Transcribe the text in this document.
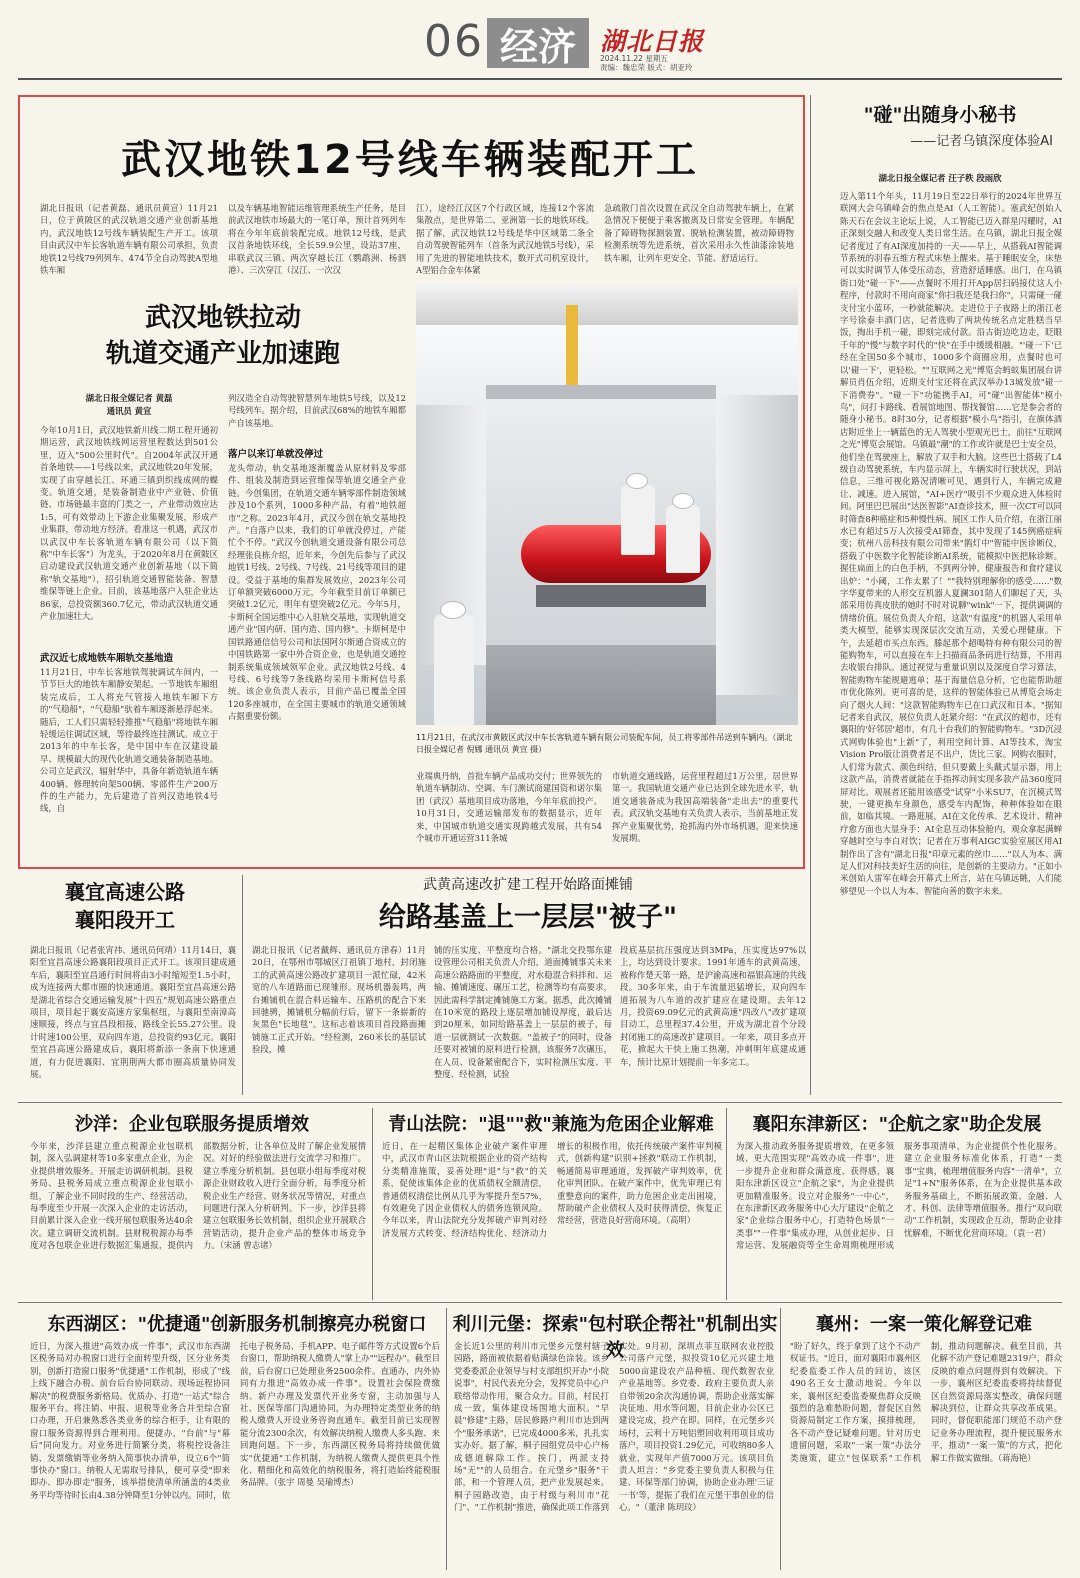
06 经济 湖北日报
2024.11.22 星期五
责编：魏忠荣 版式：胡亚玲
武汉地铁12号线车辆装配开工
湖北日报讯（记者黄磊、通讯员黄宣）11月21日，位于黄陂区的武汉轨道交通产业创新基地内，武汉地铁12号线车辆装配生产开工。该项目由武汉中车长客轨道车辆有限公司承担，负责地铁12号线79列列车、474节全自动驾驶A型地铁车厢
以及车辆基地智能运维管理系统生产任务，是目前武汉地铁市场最大的一笔订单，预计首列列车将在今年年底前装配完成。地铁12号线，是武汉首条地铁环线，全长59.9公里，设站37座，串联武汉三镇、两次穿越长江（鹦鹉洲、杨泗港）、三次穿江（汉江、一次汉
江），途经江汉区7个行政区域，连接12个客流集散点，是世界第二、亚洲第一长的地铁环线。据了解，武汉地铁12号线是华中区域第二条全自动驾驶智能列车（首条为武汉地铁5号线），采用了先进的智能地铁技术，数开式司机室设计，A型铝合金车体紧
急疏散门首次设置在武汉全自动驾驶车辆上，在紧急情况下便便于乘客撤离及日常安全管理。车辆配备了障碍物探测装置、脱轨检测装置，被动障碍物检测系统等先进系统，首次采用永久性油漆涂装地铁车厢，让列车更安全、节能、舒适运行。
武汉地铁拉动
轨道交通产业加速跑
湖北日报全媒记者 黄磊
通讯员 黄宣
今年10月1日，武汉地铁新川线二期工程开通初期运营，武汉地铁线网运营里程数达到501公里，迈入"500公里时代"。自2004年武汉开通首条地铁——1号线以来，武汉地铁20年发展，实现了由穿越长江、环通三镇到织线成网的蝶变。轨道交通，是装备制造业中产业链、价值链、市场链最丰富的门类之一，产业带动效应达1:5，可有效带动上下游企业集聚发展，形成产业集群，带动地方经济。看准这一机遇，武汉市以武汉中车长客轨道车辆有限公司（以下简称"中车长客"）为龙头，于2020年8月在黄陂区启动建设武汉轨道交通产业创新基地（以下简称"轨交基地"），招引轨道交通智能装备、智慧维保等链上企业。目前，该基地落户入驻企业达86家，总投资额360.7亿元，带动武汉轨道交通产业加速壮大。
武汉近七成地铁车厢轨交基地造
11月21日，中车长客地铁驾驶调试车间内，一节节巨大的地铁车厢静安架起。一节地铁车厢组装完成后，工人将充气管接入地铁车厢下方的"气稳船"，"气稳船"驮着车厢逐渐悬浮起来。随后，工人们只需轻轻推推"气稳船"将地铁车厢轻缓运往调试区域，等待最终连挂测试。成立于2013年的中车长客，是中国中车在汉建设最早、规模最大的现代化轨道交通装备制造基地。公司立足武汉，辐射华中，具备年新造轨道车辆400辆、修理转向架500辆、零部件生产200万件的生产能力，先后建造了首列汉造地铁4号线，自
列汉造全自动驾驶智慧列车地铁5号线，以及12号线列车。据介绍，目前武汉68%的地铁车厢都产自该基地。
落户以来订单就没停过
龙头带动，轨交基地逐渐覆盖从原材料及零部件、组装及制造到运营维保等轨道交通全产业链。今创集团，在轨道交通车辆零部件制造领域涉及10个系列，1000多种产品，有着"地铁超市"之称。2023年4月，武汉今创在轨交基地投产。"自落户以来，我们的订单就没停过，产能忙个不停。"武汉今创轨道交通设备有限公司总经理张良栋介绍，近年来，今创先后参与了武汉地铁1号线、2号线、7号线、21号线等项目的建设。受益于基地的集群发展效应，2023年公司订单额突破6000万元，今年截至目前订单额已突破1.2亿元，明年有望突破2亿元。今年5月，卡斯柯全国运维中心入驻轨交基地，实现轨道交通产业"国内研、国内造、国内修"。卡斯柯是中国铁路通信信号公司和法国阿尔斯通合资成立的中国铁路第一家中外合资企业，也是轨道交通控制系统集成领域领军企业。武汉地铁2号线、4号线、6号线等7条线路均采用卡斯柯信号系统。该企业负责人表示，目前产品已覆盖全国120多座城市，在全国主要城市的轨道交通领域占据重要份额。
11月21日，在武汉市黄陂区武汉中车长客轨道车辆有限公司装配车间，员工将零部件吊送到车辆内。（湖北日报全媒记者 倪娜 通讯员 黄宣 摄）
业瑞典丹纳，首批车辆产品成功交付；世界领先的轨道车辆制动、空调、车门测试商建国资和诺尔集团（武汉）基地项目成功落地，今年年底前投产。10月31日，交通运输部发布的数据显示，近年来，中国城市轨道交通实现跨越式发展，共有54个城市开通运营311条城
市轨道交通线路，运营里程超过1万公里，居世界第一。我国轨道交通产业已达到全球先进水平，轨道交通装备成为我国高端装备"走出去"的重要代表。武汉轨交基地有关负责人表示，当前基地正发挥产业集聚优势，抢抓海内外市场机遇，迎来快速发展期。
"碰"出随身小秘书
——记者乌镇深度体验AI
湖北日报全媒记者 汪子秩 段雨欣
迈入第11个年头，11月19日至22日举行的2024年世界互联网大会乌镇峰会的焦点是AI（人工智能）。塞武纪创始人陈天石在会议主论坛上说，人工智能已迈入群星闪耀时，AI正深刻交融人和改变人类日常生活。在乌镇，湖北日报全媒记者度过了有AI深度加持的一天——早上，从搭载AI智能调节系统的羽春五维方程式床垫上醒来。基于睡眠安全，床垫可以实时调节人体受压动态，营造舒适睡感。出门，在乌镇街口处"碰一下"——点餐时不用打开App居扫码接仗这人小程序，付款时不用向商家"你扫我还是我扫你"，只需碰一碰支付宝小蓝环，一秒就能解决。走进位于子夜路上的浙江老字号徐泰丰酒门店，记者选购了两块传统名点定胜糕当早饭，掏出手机一碰，即刻完成付款。沿古街边吃边走，眨眼千年的"慢"与数字时代的"快"在手中缓缓相融。"'碰一下'已经在全国50多个城市，1000多个商圈应用，点餐时也可以'碰一下'，更轻松。""互联网之光"博览会蚂蚁集团展台讲解员肖伍介绍，近期支付宝还将在武汉举办13城发放"碰一下消费券"。"碰一下"功能携手AI，可"碰"出智能体"模小鸟"，问打卡路线、看展馆地图、帮找餐馆……它是参会者的随身小秘书。8时30分，记者根据"模小鸟"指引，在旗体酒店附近坐上一辆蓝色的无人驾驶小型观光巴士，前往"互联网之光"博览会展馆。乌镇最"潮"的工作或许就是巴士安全员，他们坐在驾驶座上，解放了双手和大脑。这些巴士搭载了L4级自动驾驶系统，车内显示屏上，车辆实时行驶状况，到站信息，三维可视化路况清晰可见，遇到行人，车辆完成避让、减速。进入展馆，"AI+医疗"吸引不少观众进入体检时间。阿里巴巴展出"达医智影"AI查诊技术，照一次CT可以同时筛查8种癌症和5种慢性病。展区工作人员介绍，在浙江丽水已有超过5万人次接受AI筛查，其中发现了145例癌症病变；杭州八岳科技有限公司带来"鹊灯中"智能中医诊断仪，搭载了中医数字化智能诊断AI系统，能模拟中医把脉诊断。握住扁面上的白色手柄，不到两分钟，健康报告和食疗建议出炉："小阈，工作太累了！""我特别理解你的感受……"数字华夏带来的人形交互机器人夏澜301陪人们聊起了天，头部采用仿真皮肤的她时不时对说聊"wink"一下，提供调调的情绪价值。展位负责人介绍，这款"有温度"的机器人采用单类大模型，能够实现深层次交流互动，关爱心理健康。下午，去延超市买点东西。滕起那个超喝特有种有限公司的智能购物车，可以直接在车上扫描商品条码进行结算，不用再去收银台排队。通过视觉与重量识别以及深度自学习算法，智能购物车能规避逃单；基于海量信息分析，它也能帮助超市优化陈列。更可喜的是，这样的智能体验已从博览会场走向了烟火人间："这款智能购物车已在口武汉和日本。"据知记者来自武汉，展位负责人赶紧介绍："在武汉的超市，还有襄阳的'好邻居'超市，有几十台我们的智能购物车。"3D沉浸式网购体验也"上新"了，利用空间计算、AI等技术，淘宝Vision Pro版让消费者足不出户，货比三家。网购衣服时，人们常为款式、颜色纠结，但只要戴上头戴式显示器，用上这款产品，消费者就能在手指挥动间实现多款产品360度同屏对比。观展者还能用该感受"试穿"小米SU7，在沉模式驾驶，一键更换车身颜色，感受车内配饰，种种体验如在眼前，如临其境。一路逛展，AI在文化传承、艺术设计、精神疗愈方面也大显身手：AI全息互动体验舱内，观众拿起满蝉穿越时空与李白对饮；记者在万事利AIGC实验室展区用AI制作出了含有"湖北日报"印章元素的丝巾……"以人为本、满足人们对科技美好生活的向往，是创新的主要动力。"正如小米创始人雷军在峰会开幕式上所言，站在乌镇远眺，人们能够望见一个以人为本、智能向善的数字未来。
襄宜高速公路
襄阳段开工
湖北日报讯（记者张宵祎、通讯员何靖）11月14日，襄阳至宜昌高速公路襄阳段项目正式开工。该项目建成通车后，襄阳至宜昌通行时间将由3小时缩短至1.5小时，成为连接两大都市圈的快速通道。襄阳至宜昌高速公路是湖北省综合交通运输发展"十四五"规划高速公路重点项目，项目起于襄安高速方家集枢纽，与襄阳至南漳高速顺接，终点与宜昌段相接，路线全长55.27公里。设计时速100公里，双向四车道，总投资约93亿元。襄阳至宜昌高速公路建成后，襄阳将新添一条南下快速通道，有力促进襄阳、宜荆荆两大都市圈高质量协同发展。
武黄高速改扩建工程开始路面摊铺
给路基盖上一层层"被子"
湖北日报讯（记者戴辉、通讯员方津春）11月20日，在鄂州市鄂城区汀祖镇丁地村，封闭施工的武黄高速公路改扩建项目一派忙碌，42米宽的八车道路面已现雏形。现场机器轰鸣，两台摊铺机在混合料运输车、压路机的配合下来回驰骋，摊铺机分幅前行后，留下一条崭新的灰黑色"长地毯"。这标志着该项目首段路面摊铺施工正式开始。"经检测，260米长的基层试验段，摊
铺的压实度、平整度均合格。"湖北交投鄂东建设管理公司相关负责人介绍，道面摊铺事关未来高速公路路面的平整度，对水稳混合料拌和、运输、摊铺速度、碾压工艺，检测等均有高要求，因此需科学制定摊铺施工方案。据悉，此次摊铺在10米宽的路段上逐层增加铺设厚度，最后达到20厘米，如同给路基盖上一层层的被子，每道一层就测试一次数据。"盖被子"的同时，设备还要对被铺的原料进行检测，该服务7次碾压，在人员、设备紧密配合下，实时检测压实度、平整度、经检测，试验
段底基层抗压强度达到3MPa，压实度达97%以上，均达到设计要求。1991年通车的武黄高速，被称作楚天第一路，是沪渝高速和福银高速的共线段。30多年来，由于车流量迅猛增长，双向四车道拓展为八车道的改扩建应在建设期。去年12月，投资69.09亿元的武黄高速"四改八"改扩建项目动工，总里程37.4公里，开成为湖北首个分段封闭施工的高速改扩建项目。一年来，项目多点开花，掀起大干快上施工热潮，冲刺明年底建成通车，预计比原计划提前一年多完工。
沙洋：企业包联服务提质增效
今年来，沙洋县建立重点税源企业包联机制，深入弘调建材等10多家重点企业，为企业提供增效服务。开展走访调研机制。县税务局、县税务局成立重点税源企业包联小组，了解企业不同时段的生产、经营活动，每季度至少开展一次深入企业的走访活动，目前累计深入企业一线开展包联服务达40余次。建立调研交流机制。县财税税源办每季度对各包联企业进行数据汇集通报，提供内部数据分析，让各单位及时了解企业发展情况。对好的经验做法进行交流学习和推广。建立季度分析机制。县包联小组每季度对税源企业财政收入进行全面分析，每季度分析税企业生产经营、财务状况等情况，对重点问题进行深入分析研判。下一步，沙洋县将建立包联服务长效机制，组织企业开展联合营销活动，提升企业产品的整体市场竞争力。（宋涵 曾志诸）
青山法院："退""救"兼施为危困企业解难
近日，在一起精区集体企业破产案件审理中，武汉市青山区法院根据企业的资产结构分类精准施策，妥善处理"退"与"救"的关系，促使该集体企业的优质债权全额清偿，普通债权清偿比例从几乎为零提升至57%，有效避免了因企业债权人的债务连锁风险。今年以来，青山法院充分发挥破产审判对经济发展方式转变、经济结构优化、经济动力增长的积极作用，依托传统破产案件审判模式，创新构建"识别+拯救"联动工作机制，畅通简易审理通道，发挥破产审判效率，优化审判团队。在破产案件中，优先审理已有重整意向的案件，助力危困企业走出困境，帮助破产企业债权人及时获得清偿，恢复正常经营，营造良好营商环境。（高明）
襄阳东津新区："企航之家"助企发展
为深入推动政务服务提质增效，在更多领域、更大范围实现"高效办成一件事"，进一步提升企业和群众满意度、获得感，襄阳东津新区设立"企航之家"，为企业提供更加精准服务。设立对企服务"一中心"，在东津新区政务服务中心大厅建设"企航之家"企业综合服务中心，打造特色场景"一类事""一件事"集成办理，从创业起步、日常运营、发展融资等全生命周期梳理形成服务事项清单，为企业提供个性化服务。建立企业服务标准化体系，打造"一类事"宝典，梳理增值服务内容"一清单"，立足"1+N"服务体系，在为企业提供基本政务服务基础上，不断拓展政策、金融、人才、科创、法律等增值服务。推行"双向联动"工作机制，实现政企互动，帮助企业排忧解难，不断优化营商环境。（袁一君）
东西湖区："优捷通"创新服务机制擦亮办税窗口
近日，为深入推进"高效办成一件事"，武汉市东西湖区税务局对办税窗口进行全面转型升级，区分业务类别，创新打造窗口服务"优捷通"工作机制，形成了"线上线下融合办税、前台后台协同联动、现场远程协同解决"的税费服务新格局。优质办、打造"一站式"综合服务平台。将注销、申报、退税等业务合并至综合窗口办理，开启兼熟悉各类业务的综合柜手，让有限的窗口服务资源得到合理利用。便捷办，"台前"与"幕后"同向发力。对业务进行简繁分类，将税控设备注销、发票缴销等业务纳入简事快办清单，设立6个"简事快办"窗口。纳税人无需取号排队，便可享受"即来即办、即办即走"服务，该举措使清单所涵盖的4类业务平均等待时长由4.38分钟降至1分钟以内。同时，依托电子税务局、手机APP、电子邮件等方式设置6个后台窗口，帮助纳税人缴费人"掌上办""远程办"。截至目前，后台窗口已处理业务2500余件。直通办，内外协同有力推进"高效办成一件事"。设置社会保险费缴纳、新户办理及发票代开业务专窗，主动加强与人社、医保等部门沟通协同，为办理特定类型业务的纳税人缴费人开设业务咨询直通车。截至目前已实现智能分流2300余次，有效解决纳税人缴费人多头跑、来回跑问题。下一步，东西湖区税务局将持续做优做实"优捷通"工作机制，为纳税人缴费人提供更具个性化、精细化和高效化的纳税服务，将打造始终能税服务品牌。（张宇 周曼 吴瑜博杰）
利川元堡：探索"包村联企帮社"机制出实效
金长近1公里的利川市元堡乡元堡村辖子园路，路面被依据着贴满绿色涂装。该乡党委委派企业领导与村支部组织开办"小院说事"，村民代表充分会，发挥党员中心户联络带动作用，聚合众力。目前，村民打成一致，集体建设场围地大面积。"早晨"修建"主路，居民修路户利川市达到两个"服务承诺"，已完成4000多米，扎扎实实办好。据了解，桐子园组党员中心户杨成德道解除工作。挨门，两派支持场"无""的人员组合。在元堡乡"服务"干部，和一个管理人员，把产业发展起来。桐子园路改造，由于村级与利川市"花门"、"工作机制"推进，确保此项工作落到实处。9月初，深圳点菲互联网农业控股公司落户元堡，拟投资10亿元兴建土地5000亩建设农产品种植、现代数智农业产业基地等。乡党委、政府主要负责人亲自带领20余次沟通协调，帮助企业落实解决征地、用水等问题，目前企业办公区已建设完成，投产在即。同样，在元堡乡兴场村，云利十万吨铝塑回收利用项目成功落户，项目投资1.29亿元，可收纳80多人就业，实现年产值7000万元。该项目负责人坦言："乡党委主要负责人积极与住建、环保等部门协调，协助企业办理'三证一书'等，提振了我们在元堡干事创业的信心。"（董津 陈玥玟）
襄州：一案一策化解登记难
"盼了好久，终于拿到了这个不动产权证书。"近日，面对襄阳市襄州区纪委监委工作人员的回访，该区490名王女士激动地说。今年以来，襄州区纪委监委聚焦群众反映强烈的急难愁盼问题，督促区自然资源局制定工作方案，摸排梳理，各不动产登记疑难问题。针对历史遗留问题，采取"一案一策"办法分类施策，建立"包保联系"工作机制，推动问题解决。截至目前，共化解不动产登记难题2319户，群众反映的难点问题得到有效解决。下一步，襄州区纪委监委将持续督促区自然资源局落实整改，确保问题解决到位，让群众共享改革成果。同时，督促职能部门规范不动产登记业务办理流程，提升便民服务水平，推动"一案一策"的方式，把化解工作做实做细。（蒋海艳）
